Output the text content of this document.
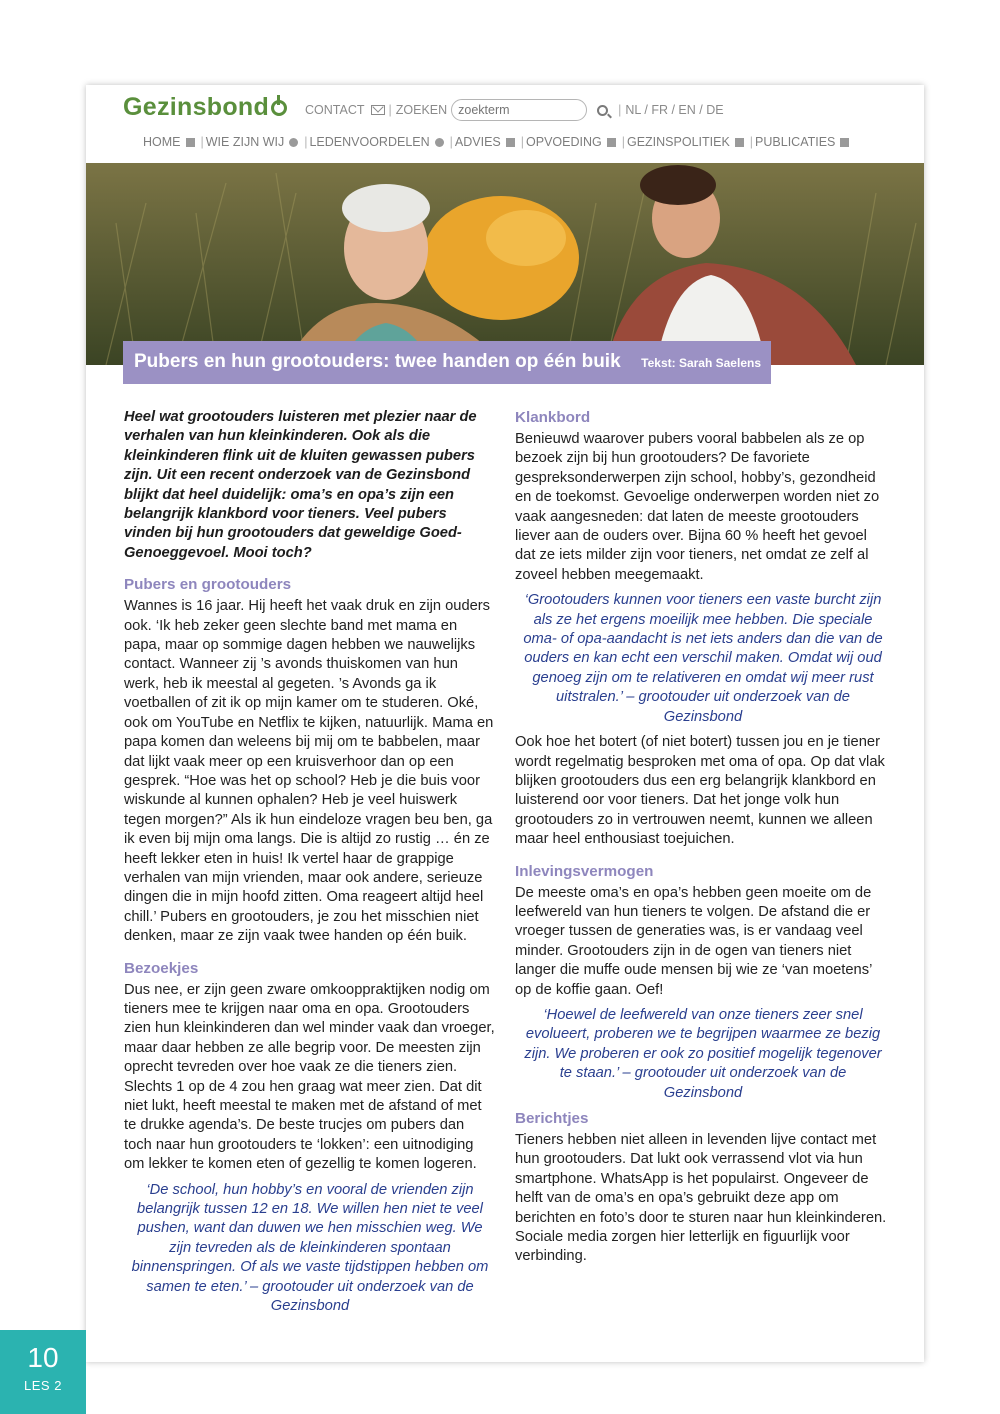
Gezinsbond	CONTACT | ZOEKEN
zoekterm	| NL / FR / EN / DE
HOME | WIE ZIJN WIJ | LEDENVOORDELEN | ADVIES | OPVOEDING | GEZINSPOLITIEK | PUBLICATIES
Pubers en hun grootouders: twee handen op één buik Tekst: Sarah Saelens

Heel wat grootouders luisteren met plezier naar de verhalen van hun kleinkinderen. Ook als die kleinkinderen flink uit de kluiten gewassen pubers zijn. Uit een recent onderzoek van de Gezinsbond blijkt dat heel duidelijk: oma’s en opa’s zijn een belangrijk klankbord voor tieners. Veel pubers vinden bij hun grootouders dat geweldige Goed-Genoeggevoel. Mooi toch?

Pubers en grootouders

Wannes is 16 jaar. Hij heeft het vaak druk en zijn ouders ook. ‘Ik heb zeker geen slechte band met mama en papa, maar op sommige dagen hebben we nauwelijks contact. Wanneer zij ’s avonds thuiskomen van hun werk, heb ik meestal al gegeten. ’s Avonds ga ik voetballen of zit ik op mijn kamer om te studeren. Oké, ook om YouTube en Netflix te kijken, natuurlijk. Mama en papa komen dan weleens bij mij om te babbelen, maar dat lijkt vaak meer op een kruisverhoor dan op een gesprek. “Hoe was het op school? Heb je die buis voor wiskunde al kunnen ophalen? Heb je veel huiswerk tegen morgen?” Als ik hun eindeloze vragen beu ben, ga ik even bij mijn oma langs. Die is altijd zo rustig … én ze heeft lekker eten in huis! Ik vertel haar de grappige verhalen van mijn vrienden, maar ook andere, serieuze dingen die in mijn hoofd zitten. Oma reageert altijd heel chill.’ Pubers en grootouders, je zou het misschien niet denken, maar ze zijn vaak twee handen op één buik.

Bezoekjes

Dus nee, er zijn geen zware omkooppraktijken nodig om tieners mee te krijgen naar oma en opa. Grootouders zien hun kleinkinderen dan wel minder vaak dan vroeger, maar daar hebben ze alle begrip voor. De meesten zijn oprecht tevreden over hoe vaak ze die tieners zien. Slechts 1 op de 4 zou hen graag wat meer zien. Dat dit niet lukt, heeft meestal te maken met de afstand of met te drukke agenda’s. De beste trucjes om pubers dan toch naar hun grootouders te ‘lokken’: een uitnodiging om lekker te komen eten of gezellig te komen logeren.

‘De school, hun hobby’s en vooral de vrienden zijn belangrijk tussen 12 en 18. We willen hen niet te veel pushen, want dan duwen we hen misschien weg. We zijn tevreden als de kleinkinderen spontaan binnenspringen. Of als we vaste tijdstippen hebben om samen te eten.’ – grootouder uit onderzoek van de Gezinsbond
Klankbord

Benieuwd waarover pubers vooral babbelen als ze op bezoek zijn bij hun grootouders? De favoriete gespreksonderwerpen zijn school, hobby’s, gezondheid en de toekomst. Gevoelige onderwerpen worden niet zo vaak aangesneden: dat laten de meeste grootouders liever aan de ouders over. Bijna 60 % heeft het gevoel dat ze iets milder zijn voor tieners, net omdat ze zelf al zoveel hebben meegemaakt.

‘Grootouders kunnen voor tieners een vaste burcht zijn als ze het ergens moeilijk mee hebben. Die speciale oma- of opa-aandacht is net iets anders dan die van de ouders en kan echt een verschil maken. Omdat wij oud genoeg zijn om te relativeren en omdat wij meer rust uitstralen.’ – grootouder uit onderzoek van de Gezinsbond

Ook hoe het botert (of niet botert) tussen jou en je tiener wordt regelmatig besproken met oma of opa. Op dat vlak blijken grootouders dus een erg belangrijk klankbord en luisterend oor voor tieners. Dat het jonge volk hun grootouders zo in vertrouwen neemt, kunnen we alleen maar heel enthousiast toejuichen.

Inlevingsvermogen

De meeste oma’s en opa’s hebben geen moeite om de leefwereld van hun tieners te volgen. De afstand die er vroeger tussen de generaties was, is er vandaag veel minder. Grootouders zijn in de ogen van tieners niet langer die muffe oude mensen bij wie ze ‘van moetens’ op de koffie gaan. Oef!

‘Hoewel de leefwereld van onze tieners zeer snel evolueert, proberen we te begrijpen waarmee ze bezig zijn. We proberen er ook zo positief mogelijk tegenover te staan.’ – grootouder uit onderzoek van de Gezinsbond
Berichtjes

Tieners hebben niet alleen in levenden lijve contact met hun grootouders. Dat lukt ook verrassend vlot via hun smartphone. WhatsApp is het populairst. Ongeveer de helft van de oma’s en opa’s gebruikt deze app om berichten en foto’s door te sturen naar hun kleinkinderen. Sociale media zorgen hier letterlijk en figuurlijk voor verbinding.

10
LES 2
